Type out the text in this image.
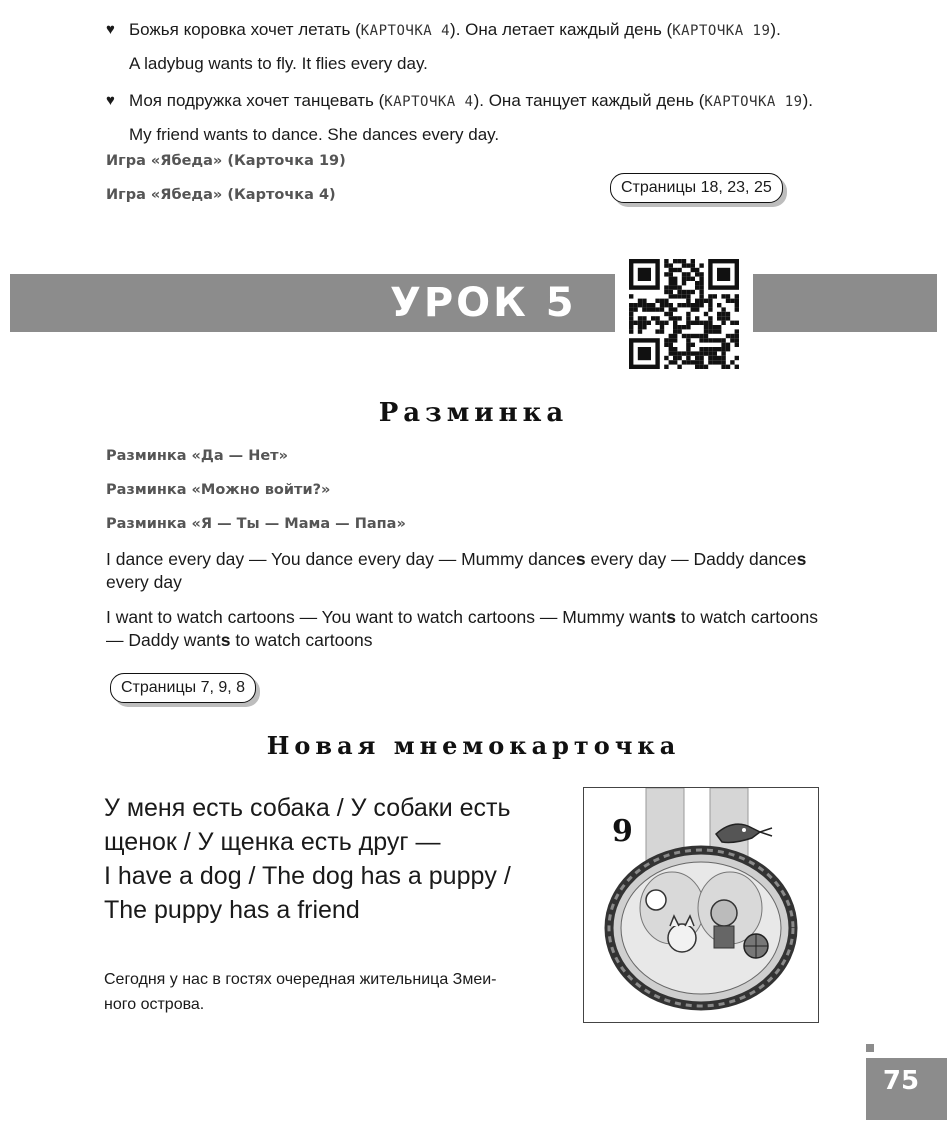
♥ Божья коровка хочет летать (КАРТОЧКА 4). Она летает каждый день (КАРТОЧКА 19).
A ladybug wants to fly. It flies every day.
♥ Моя подружка хочет танцевать (КАРТОЧКА 4). Она танцует каждый день (КАРТОЧКА 19).
My friend wants to dance. She dances every day.
Игра «Ябеда» (Карточка 19)
Игра «Ябеда» (Карточка 4)	Страницы 18, 23, 25
УРОК 5
Разминка
Разминка «Да — Нет»
Разминка «Можно войти?»
Разминка «Я — Ты — Мама — Папа»
I dance every day — You dance every day — Mummy dances every day — Daddy dances every day
I want to watch cartoons — You want to watch cartoons — Mummy wants to watch cartoons — Daddy wants to watch cartoons
Страницы 7, 9, 8
Новая мнемокарточка
У меня есть собака / У собаки есть
щенок / У щенка есть друг —
I have a dog / The dog has a puppy /
The puppy has a friend
Сегодня у нас в гостях очередная жительница Змеи-
ного острова.
9
75
